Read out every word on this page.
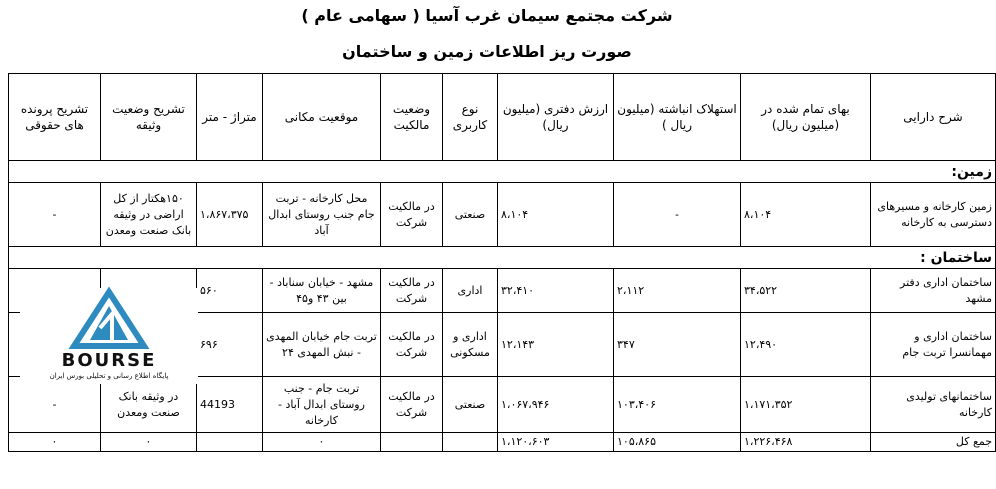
شرکت مجتمع سیمان غرب آسیا ( سهامی عام )
صورت ریز اطلاعات زمین و ساختمان
شرح دارایی	بهای تمام شده در (میلیون ریال)	استهلاک انباشته (میلیون ریال )	ارزش دفتری (میلیون ریال)	نوع کاربری	وضعیت مالکیت	موقعیت مکانی	متراژ - متر	تشریح وضعیت وثیقه	تشریح پرونده های حقوقی

زمین:									
زمین کارخانه و مسیرهای دسترسی به کارخانه	۸،۱۰۴	-	۸،۱۰۴	صنعتی	در مالکیت شرکت	محل کارخانه - تربت جام جنب روستای ابدال آباد	۱،۸۶۷،۳۷۵	۱۵۰هکتار از کل اراضی در وثیقه بانک صنعت ومعدن	-
ساختمان :									
ساختمان اداری دفتر مشهد	۳۴،۵۲۲	۲،۱۱۲	۳۲،۴۱۰	اداری	در مالکیت شرکت	مشهد - خیابان سناباد - بین ۴۳ و۴۵	۵۶۰		
ساختمان اداری و مهمانسرا تربت جام	۱۲،۴۹۰	۳۴۷	۱۲،۱۴۳	اداری و مسکونی	در مالکیت شرکت	تربت جام خیابان المهدی - نبش المهدی ۲۴	۶۹۶		
ساختمانهای تولیدی کارخانه	۱،۱۷۱،۳۵۲	۱۰۳،۴۰۶	۱،۰۶۷،۹۴۶	صنعتی	در مالکیت شرکت	تربت جام - جنب روستای ابدال آباد - کارخانه	44193	در وثیقه بانک صنعت ومعدن	-
جمع کل	۱،۲۲۶،۴۶۸	۱۰۵،۸۶۵	۱،۱۲۰،۶۰۳			۰		۰	۰
BOURSE
پایگاه اطلاع رسانی و تحلیلی بورس ایران
